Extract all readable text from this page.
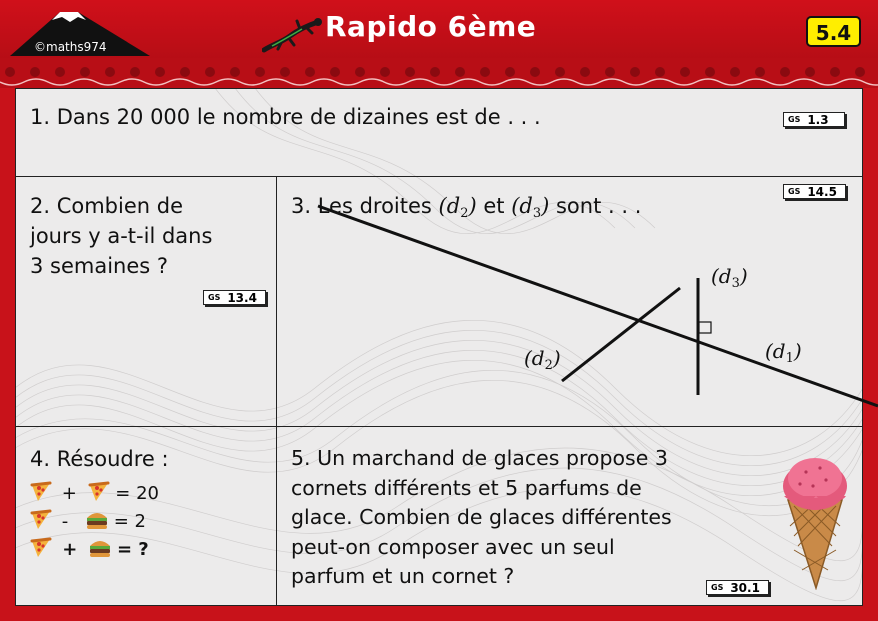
©maths974
Rapido 6ème	5.4
1. Dans 20 000 le nombre de dizaines est de . . .	GS 1.3
2. Combien de
jours y a-t-il dans
3 semaines ?
GS 13.4
3. Les droites $(d_2)$ et $(d_3)$ sont . . .
GS 14.5
$(d_3)$
$(d_1)$
$(d_2)$
4. Résoudre :
+ = 20
-	= 2
+ = ?
5. Un marchand de glaces propose 3
cornets différents et 5 parfums de
glace. Combien de glaces différentes
peut-on composer avec un seul
parfum et un cornet ?	GS 30.1
